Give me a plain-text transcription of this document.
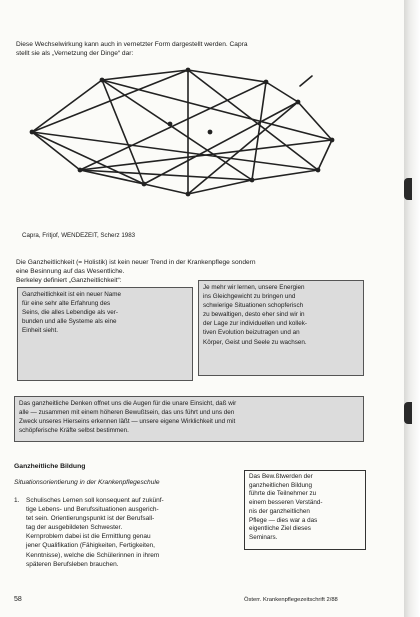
Diese Wechselwirkung kann auch in vernetzter Form dargestellt werden. Capra
stellt sie als „Vernetzung der Dinge“ dar:
Capra, Fritjof, WENDEZEIT, Scherz 1983
Die Ganzheitlichkeit (= Holistik) ist kein neuer Trend in der Krankenpflege sondern
eine Besinnung auf das Wesentliche.
Berkeley definiert „Ganzheitlichkeit“:
Ganzheitlichkeit ist ein neuer Name
für eine sehr alte Erfahrung des
Seins, die alles Lebendige als ver-
bunden und alle Systeme als eine
Einheit sieht.
Je mehr wir lernen, unsere Energien
ins Gleichgewicht zu bringen und
schwierige Situationen schopferisch
zu bewaltigen, desto eher sind wir in
der Lage zur individuellen und kollek-
tiven Evolution beizutragen und an
Körper, Geist und Seele zu wachsen.
Das ganzheitliche Denken offnet uns die Augen für die unare Einsicht, daß wir
alle — zusammen mit einem höheren Bewußtsein, das uns führt und uns den
Zweck unseres Hierseins erkennen läßt — unsere eigene Wirklichkeit und mit
schöpferische Kräfte selbst bestimmen.
Ganzheitliche Bildung
Situationsorientierung in der Krankenpflegeschule
1. Schulisches Lernen soll konsequent auf zukünf-
tige Lebens- und Berufssituationen ausgerich-
tet sein. Orientierungspunkt ist der Berufsall-
tag der ausgebildeten Schwester.
Kernproblem dabei ist die Ermittlung genau
jener Qualifikation (Fähigkeiten, Fertigkeiten,
Kenntnisse), welche die Schülerinnen in ihrem
späteren Berufsleben brauchen.
Das Bew.ßtwerden der
ganzheitlichen Bildung
führte die Teilnehmer zu
einem besseren Verständ-
nis der ganzheitlichen
Pflege — dies war a das
eigentliche Ziel dieses
Seminars.
58	Österr. Krankenpflegezeitschrift 2/88
